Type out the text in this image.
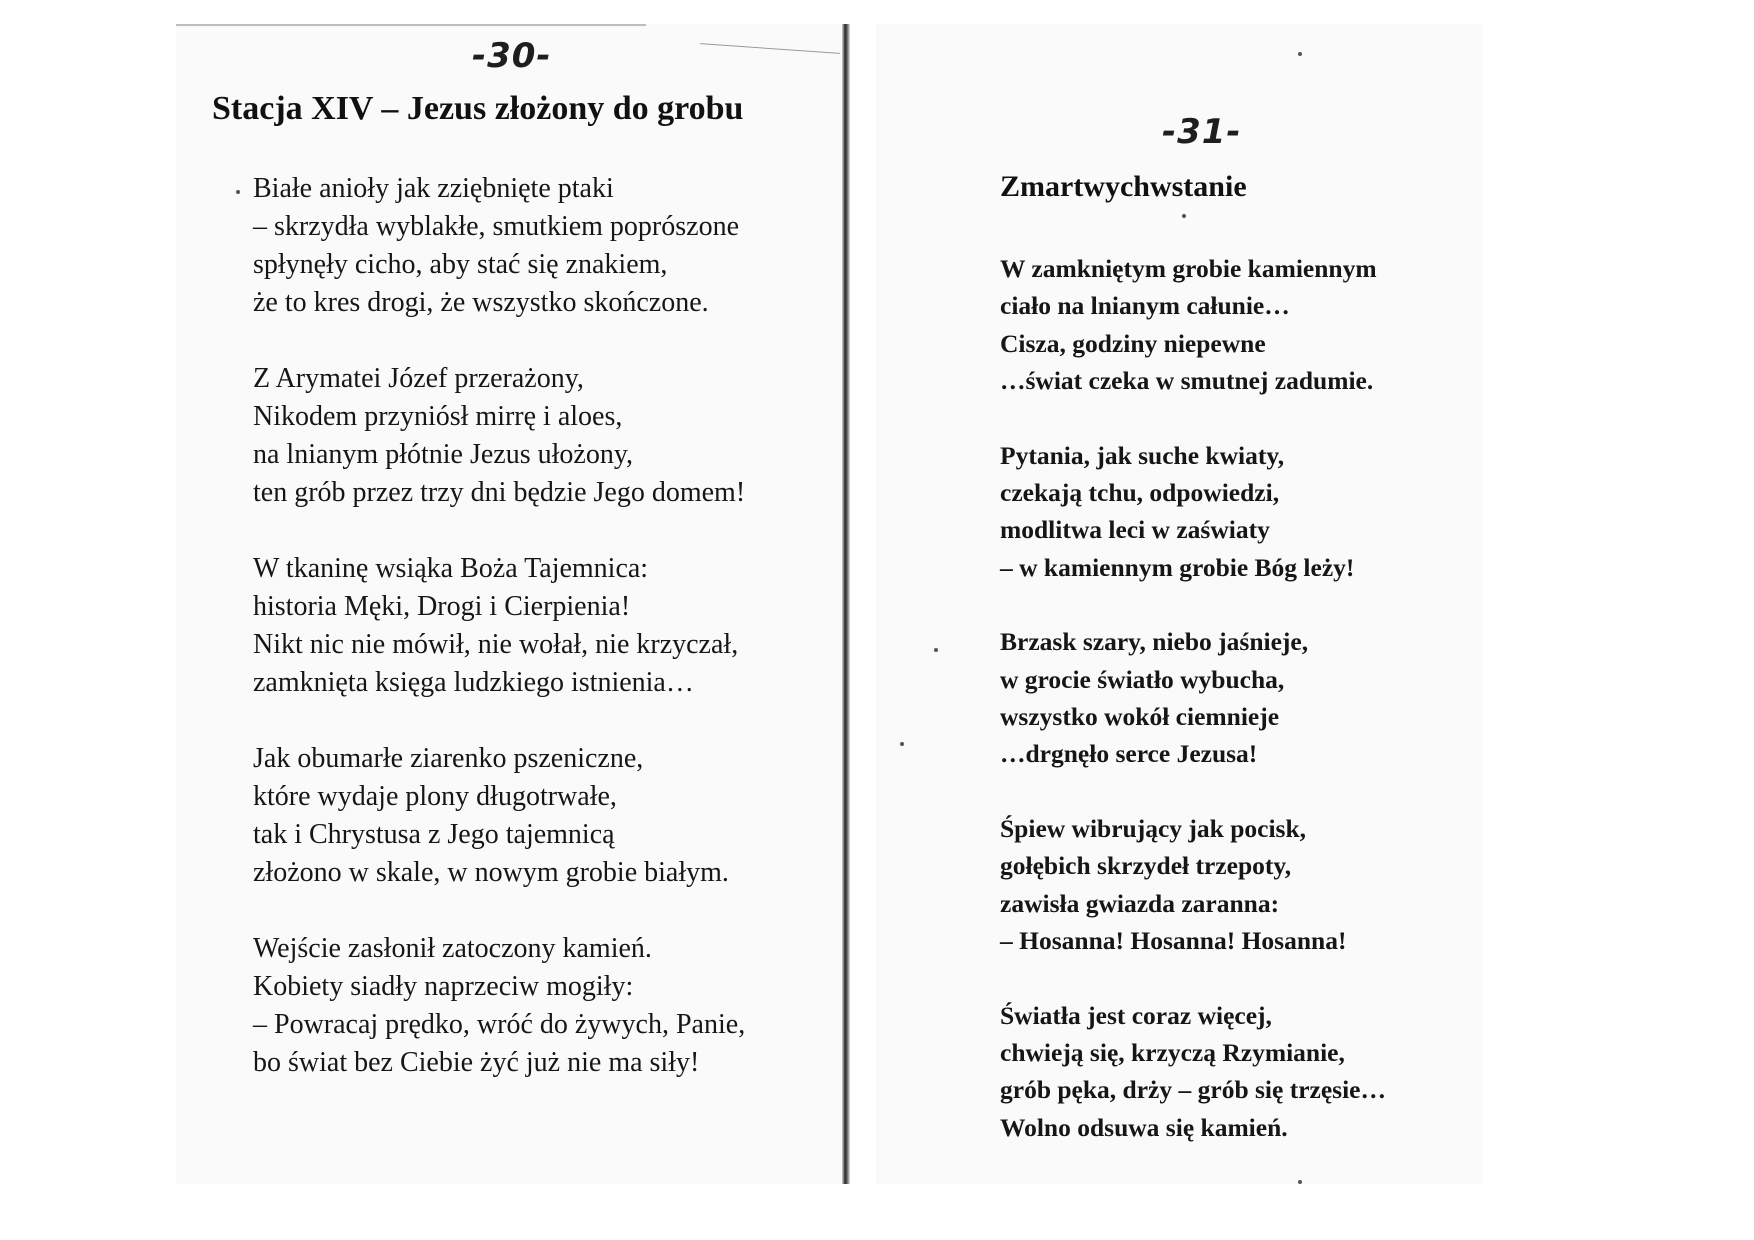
-30-
Stacja XIV – Jezus złożony do grobu
Białe anioły jak zziębnięte ptaki
– skrzydła wyblakłe, smutkiem poprószone
spłynęły cicho, aby stać się znakiem,
że to kres drogi, że wszystko skończone.
Z Arymatei Józef przerażony,
Nikodem przyniósł mirrę i aloes,
na lnianym płótnie Jezus ułożony,
ten grób przez trzy dni będzie Jego domem!
W tkaninę wsiąka Boża Tajemnica:
historia Męki, Drogi i Cierpienia!
Nikt nic nie mówił, nie wołał, nie krzyczał,
zamknięta księga ludzkiego istnienia…
Jak obumarłe ziarenko pszeniczne,
które wydaje plony długotrwałe,
tak i Chrystusa z Jego tajemnicą
złożono w skale, w nowym grobie białym.
Wejście zasłonił zatoczony kamień.
Kobiety siadły naprzeciw mogiły:
– Powracaj prędko, wróć do żywych, Panie,
bo świat bez Ciebie żyć już nie ma siły!
-31-
Zmartwychwstanie
W zamkniętym grobie kamiennym
ciało na lnianym całunie…
Cisza, godziny niepewne
…świat czeka w smutnej zadumie.
Pytania, jak suche kwiaty,
czekają tchu, odpowiedzi,
modlitwa leci w zaświaty
– w kamiennym grobie Bóg leży!
Brzask szary, niebo jaśnieje,
w grocie światło wybucha,
wszystko wokół ciemnieje
…drgnęło serce Jezusa!
Śpiew wibrujący jak pocisk,
gołębich skrzydeł trzepoty,
zawisła gwiazda zaranna:
– Hosanna! Hosanna! Hosanna!
Światła jest coraz więcej,
chwieją się, krzyczą Rzymianie,
grób pęka, drży – grób się trzęsie…
Wolno odsuwa się kamień.
